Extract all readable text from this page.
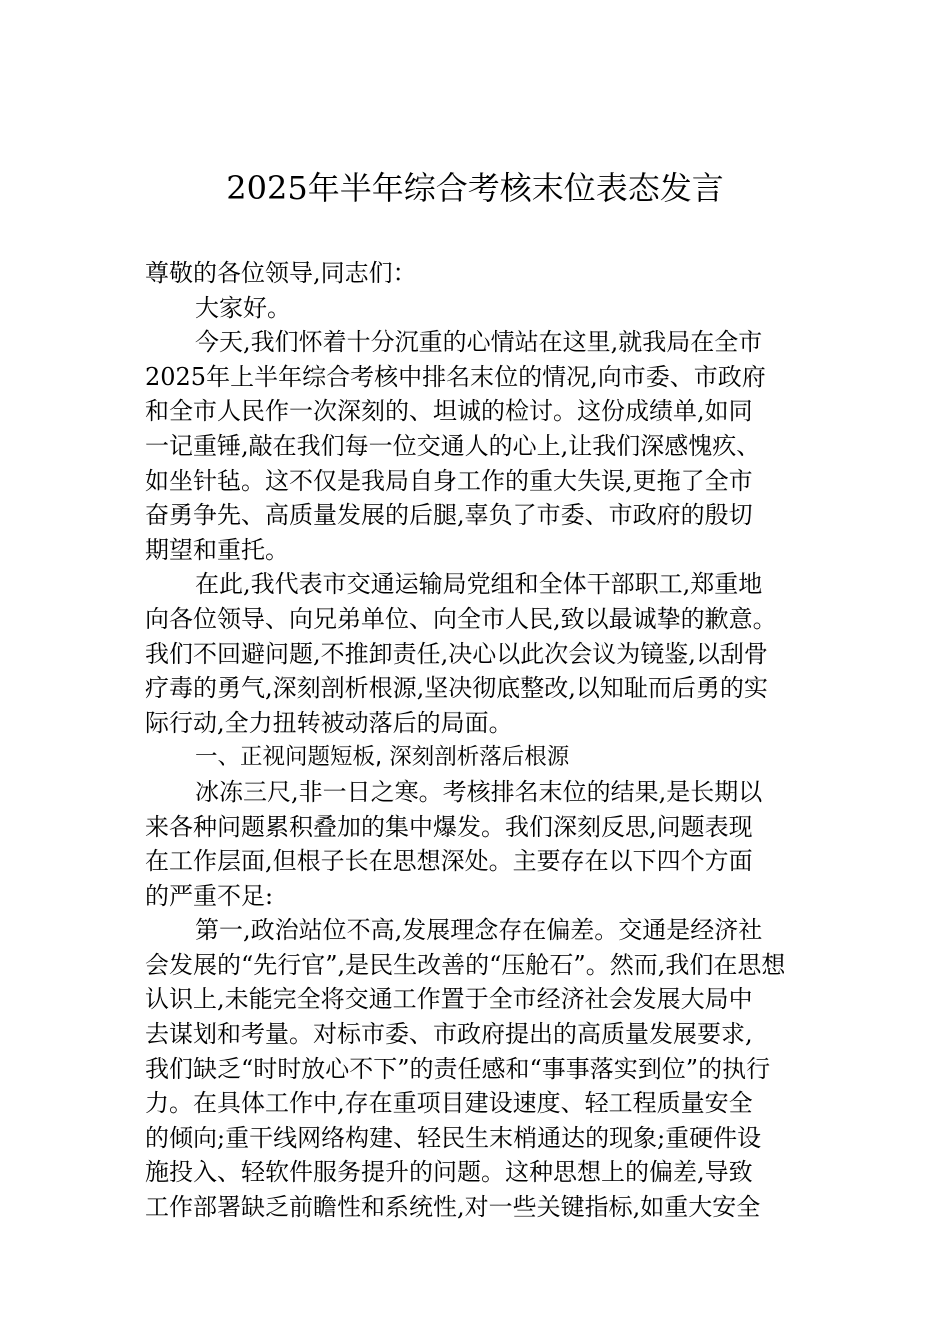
2025年半年综合考核末位表态发言
尊敬的各位领导,同志们：
大家好。
今天,我们怀着十分沉重的心情站在这里,就我局在全市
2025年上半年综合考核中排名末位的情况,向市委、市政府
和全市人民作一次深刻的、坦诚的检讨。这份成绩单,如同
一记重锤,敲在我们每一位交通人的心上,让我们深感愧疚、
如坐针毡。这不仅是我局自身工作的重大失误,更拖了全市
奋勇争先、高质量发展的后腿,辜负了市委、市政府的殷切
期望和重托。
在此,我代表市交通运输局党组和全体干部职工,郑重地
向各位领导、向兄弟单位、向全市人民,致以最诚挚的歉意。
我们不回避问题,不推卸责任,决心以此次会议为镜鉴,以刮骨
疗毒的勇气,深刻剖析根源,坚决彻底整改,以知耻而后勇的实
际行动,全力扭转被动落后的局面。
一、正视问题短板, 深刻剖析落后根源
冰冻三尺,非一日之寒。考核排名末位的结果,是长期以
来各种问题累积叠加的集中爆发。我们深刻反思,问题表现
在工作层面,但根子长在思想深处。主要存在以下四个方面
的严重不足:
第一,政治站位不高,发展理念存在偏差。交通是经济社
会发展的“先行官”,是民生改善的“压舱石”。然而,我们在思想
认识上,未能完全将交通工作置于全市经济社会发展大局中
去谋划和考量。对标市委、市政府提出的高质量发展要求,
我们缺乏“时时放心不下”的责任感和“事事落实到位”的执行
力。在具体工作中,存在重项目建设速度、轻工程质量安全
的倾向;重干线网络构建、轻民生末梢通达的现象;重硬件设
施投入、轻软件服务提升的问题。这种思想上的偏差,导致
工作部署缺乏前瞻性和系统性,对一些关键指标,如重大安全
